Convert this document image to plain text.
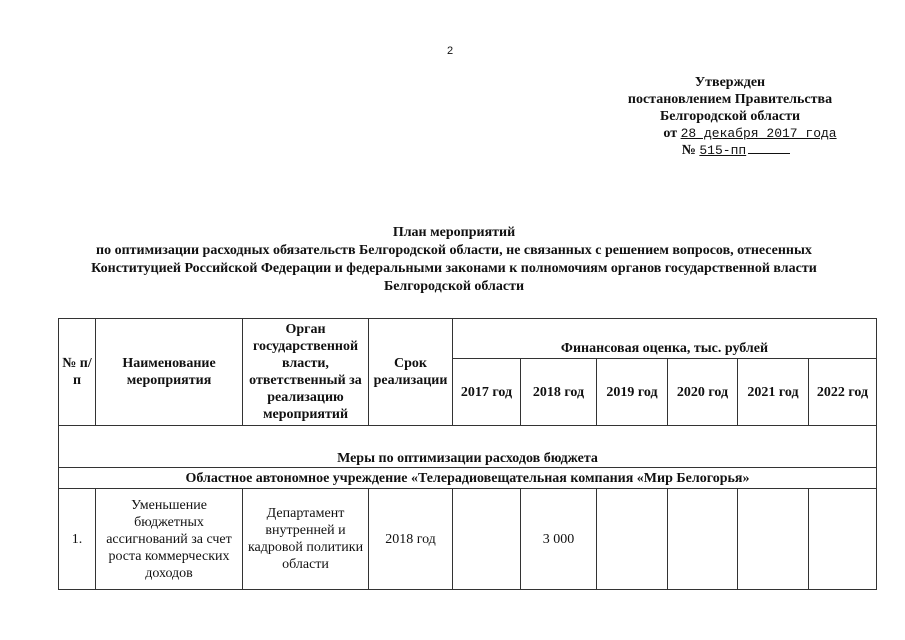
2
Утвержден
постановлением Правительства
Белгородской области
от 28 декабря 2017 года
№ 515-пп
План мероприятий
по оптимизации расходных обязательств Белгородской области, не связанных с решением вопросов, отнесенных
Конституцией Российской Федерации и федеральными законами к полномочиям органов государственной власти
Белгородской области
№ п/п	Наименование мероприятия	Орган государственной власти, ответственный за реализацию мероприятий	Срок реализации	Финансовая оценка, тыс. рублей					
				2017 год	2018 год	2019 год	2020 год	2021 год	2022 год
Меры по оптимизации расходов бюджета									
Областное автономное учреждение «Телерадиовещательная компания «Мир Белогорья»									
1.	Уменьшение бюджетных ассигнований за счет роста коммерческих доходов	Департамент внутренней и кадровой политики области	2018 год		3 000				
